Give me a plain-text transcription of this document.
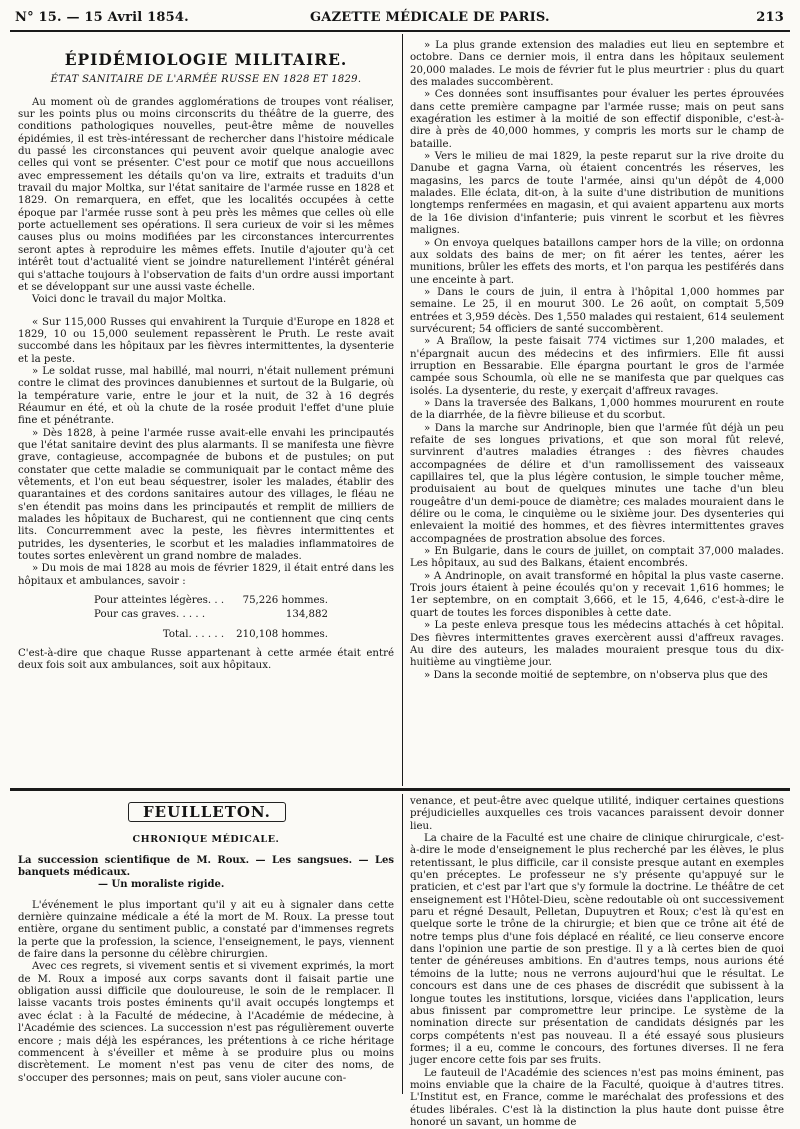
N° 15. — 15 Avril 1854.	GAZETTE MÉDICALE DE PARIS.	213
ÉPIDÉMIOLOGIE MILITAIRE.
ÉTAT SANITAIRE DE L'ARMÉE RUSSE EN 1828 ET 1829.

Au moment où de grandes agglomérations de troupes vont réaliser, sur les points plus ou moins circonscrits du théâtre de la guerre, des conditions pathologiques nouvelles, peut-être même de nouvelles épidémies, il est très-intéressant de rechercher dans l'histoire médicale du passé les circonstances qui peuvent avoir quelque analogie avec celles qui vont se présenter. C'est pour ce motif que nous accueillons avec empressement les détails qu'on va lire, extraits et traduits d'un travail du major Moltka, sur l'état sanitaire de l'armée russe en 1828 et 1829. On remarquera, en effet, que les localités occupées à cette époque par l'armée russe sont à peu près les mêmes que celles où elle porte actuellement ses opérations. Il sera curieux de voir si les mêmes causes plus ou moins modifiées par les circonstances intercurrentes seront aptes à reproduire les mêmes effets. Inutile d'ajouter qu'à cet intérêt tout d'actualité vient se joindre naturellement l'intérêt général qui s'attache toujours à l'observation de faits d'un ordre aussi important et se développant sur une aussi vaste échelle.

Voici donc le travail du major Moltka.

« Sur 115,000 Russes qui envahirent la Turquie d'Europe en 1828 et 1829, 10 ou 15,000 seulement repassèrent le Pruth. Le reste avait succombé dans les hôpitaux par les fièvres intermittentes, la dysenterie et la peste.

» Le soldat russe, mal habillé, mal nourri, n'était nullement prémuni contre le climat des provinces danubiennes et surtout de la Bulgarie, où la température varie, entre le jour et la nuit, de 32 à 16 degrés Réaumur en été, et où la chute de la rosée produit l'effet d'une pluie fine et pénétrante.

» Dès 1828, à peine l'armée russe avait-elle envahi les principautés que l'état sanitaire devint des plus alarmants. Il se manifesta une fièvre grave, contagieuse, accompagnée de bubons et de pustules; on put constater que cette maladie se communiquait par le contact même des vêtements, et l'on eut beau séquestrer, isoler les malades, établir des quarantaines et des cordons sanitaires autour des villages, le fléau ne s'en étendit pas moins dans les principautés et remplit de milliers de malades les hôpitaux de Bucharest, qui ne contiennent que cinq cents lits. Concurremment avec la peste, les fièvres intermittentes et putrides, les dysenteries, le scorbut et les maladies inflammatoires de toutes sortes enlevèrent un grand nombre de malades.

» Du mois de mai 1828 au mois de février 1829, il était entré dans les hôpitaux et ambulances, savoir :

Pour atteintes légères. . .	75,226 hommes.
Pour cas graves. . . . .	134,882
Total. . . . . .	210,108 hommes.

C'est-à-dire que chaque Russe appartenant à cette armée était entré deux fois soit aux ambulances, soit aux hôpitaux.

» La plus grande extension des maladies eut lieu en septembre et octobre. Dans ce dernier mois, il entra dans les hôpitaux seulement 20,000 malades. Le mois de février fut le plus meurtrier : plus du quart des malades succombèrent.

» Ces données sont insuffisantes pour évaluer les pertes éprouvées dans cette première campagne par l'armée russe; mais on peut sans exagération les estimer à la moitié de son effectif disponible, c'est-à-dire à près de 40,000 hommes, y compris les morts sur le champ de bataille.

» Vers le milieu de mai 1829, la peste reparut sur la rive droite du Danube et gagna Varna, où étaient concentrés les réserves, les magasins, les parcs de toute l'armée, ainsi qu'un dépôt de 4,000 malades. Elle éclata, dit-on, à la suite d'une distribution de munitions longtemps renfermées en magasin, et qui avaient appartenu aux morts de la 16e division d'infanterie; puis vinrent le scorbut et les fièvres malignes.

» On envoya quelques bataillons camper hors de la ville; on ordonna aux soldats des bains de mer; on fit aérer les tentes, aérer les munitions, brûler les effets des morts, et l'on parqua les pestiférés dans une enceinte à part.

» Dans le cours de juin, il entra à l'hôpital 1,000 hommes par semaine. Le 25, il en mourut 300. Le 26 août, on comptait 5,509 entrées et 3,959 décès. Des 1,550 malades qui restaient, 614 seulement survécurent; 54 officiers de santé succombèrent.

» A Braïlow, la peste faisait 774 victimes sur 1,200 malades, et n'épargnait aucun des médecins et des infirmiers. Elle fit aussi irruption en Bessarabie. Elle épargna pourtant le gros de l'armée campée sous Schoumla, où elle ne se manifesta que par quelques cas isolés. La dysenterie, du reste, y exerçait d'affreux ravages.

» Dans la traversée des Balkans, 1,000 hommes moururent en route de la diarrhée, de la fièvre bilieuse et du scorbut.

» Dans la marche sur Andrinople, bien que l'armée fût déjà un peu refaite de ses longues privations, et que son moral fût relevé, survinrent d'autres maladies étranges : des fièvres chaudes accompagnées de délire et d'un ramollissement des vaisseaux capillaires tel, que la plus légère contusion, le simple toucher même, produisaient au bout de quelques minutes une tache d'un bleu rougeâtre d'un demi-pouce de diamètre; ces malades mouraient dans le délire ou le coma, le cinquième ou le sixième jour. Des dysenteries qui enlevaient la moitié des hommes, et des fièvres intermittentes graves accompagnées de prostration absolue des forces.

» En Bulgarie, dans le cours de juillet, on comptait 37,000 malades. Les hôpitaux, au sud des Balkans, étaient encombrés.

» A Andrinople, on avait transformé en hôpital la plus vaste caserne. Trois jours étaient à peine écoulés qu'on y recevait 1,616 hommes; le 1er septembre, on en comptait 3,666, et le 15, 4,646, c'est-à-dire le quart de toutes les forces disponibles à cette date.

» La peste enleva presque tous les médecins attachés à cet hôpital. Des fièvres intermittentes graves exercèrent aussi d'affreux ravages. Au dire des auteurs, les malades mouraient presque tous du dix-huitième au vingtième jour.

» Dans la seconde moitié de septembre, on n'observa plus que des

FEUILLETON.
CHRONIQUE MÉDICALE.
La succession scientifique de M. Roux. — Les sangsues. — Les banquets médicaux.
— Un moraliste rigide.

L'événement le plus important qu'il y ait eu à signaler dans cette dernière quinzaine médicale a été la mort de M. Roux. La presse tout entière, organe du sentiment public, a constaté par d'immenses regrets la perte que la profession, la science, l'enseignement, le pays, viennent de faire dans la personne du célèbre chirurgien.

Avec ces regrets, si vivement sentis et si vivement exprimés, la mort de M. Roux a imposé aux corps savants dont il faisait partie une obligation aussi difficile que douloureuse, le soin de le remplacer. Il laisse vacants trois postes éminents qu'il avait occupés longtemps et avec éclat : à la Faculté de médecine, à l'Académie de médecine, à l'Académie des sciences. La succession n'est pas régulièrement ouverte encore ; mais déjà les espérances, les prétentions à ce riche héritage commencent à s'éveiller et même à se produire plus ou moins discrètement. Le moment n'est pas venu de citer des noms, de s'occuper des personnes; mais on peut, sans violer aucune con-

venance, et peut-être avec quelque utilité, indiquer certaines questions préjudicielles auxquelles ces trois vacances paraissent devoir donner lieu.

La chaire de la Faculté est une chaire de clinique chirurgicale, c'est-à-dire le mode d'enseignement le plus recherché par les élèves, le plus retentissant, le plus difficile, car il consiste presque autant en exemples qu'en préceptes. Le professeur ne s'y présente qu'appuyé sur le praticien, et c'est par l'art que s'y formule la doctrine. Le théâtre de cet enseignement est l'Hôtel-Dieu, scène redoutable où ont successivement paru et régné Desault, Pelletan, Dupuytren et Roux; c'est là qu'est en quelque sorte le trône de la chirurgie; et bien que ce trône ait été de notre temps plus d'une fois déplacé en réalité, ce lieu conserve encore dans l'opinion une partie de son prestige. Il y a là certes bien de quoi tenter de généreuses ambitions. En d'autres temps, nous aurions été témoins de la lutte; nous ne verrons aujourd'hui que le résultat. Le concours est dans une de ces phases de discrédit que subissent à la longue toutes les institutions, lorsque, viciées dans l'application, leurs abus finissent par compromettre leur principe. Le système de la nomination directe sur présentation de candidats désignés par les corps compétents n'est pas nouveau. Il a été essayé sous plusieurs formes; il a eu, comme le concours, des fortunes diverses. Il ne fera juger encore cette fois par ses fruits.

Le fauteuil de l'Académie des sciences n'est pas moins éminent, pas moins enviable que la chaire de la Faculté, quoique à d'autres titres. L'Institut est, en France, comme le maréchalat des professions et des études libérales. C'est là la distinction la plus haute dont puisse être honoré un savant, un homme de
